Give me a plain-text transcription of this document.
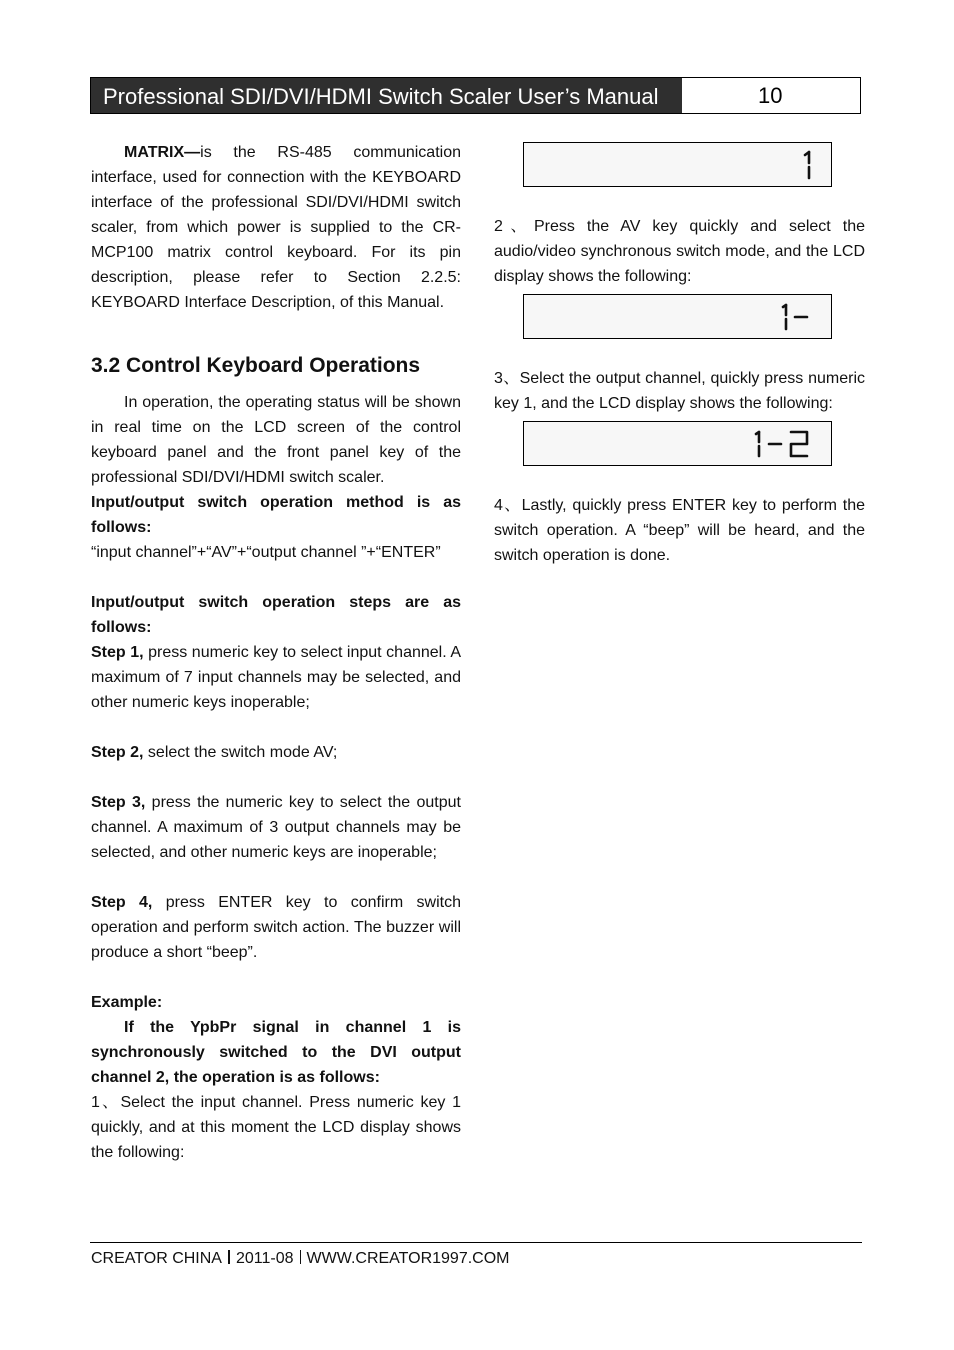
Professional SDI/DVI/HDMI Switch Scaler User’s Manual	10

MATRIX—is the RS-485 communication interface, used for connection with the KEYBOARD interface of the professional SDI/DVI/HDMI switch scaler, from which power is supplied to the CR-MCP100 matrix control keyboard. For its pin description, please refer to Section 2.2.5: KEYBOARD Interface Description, of this Manual.

3.2 Control Keyboard Operations

In operation, the operating status will be shown in real time on the LCD screen of the control keyboard panel and the front panel key of the professional SDI/DVI/HDMI switch scaler.

Input/output switch operation method is as follows:

“input channel”+“AV”+“output channel ”+“ENTER”

Input/output switch operation steps are as follows:

Step 1, press numeric key to select input channel. A maximum of 7 input channels may be selected, and other numeric keys inoperable;

Step 2, select the switch mode AV;

Step 3, press the numeric key to select the output channel. A maximum of 3 output channels may be selected, and other numeric keys are inoperable;

Step 4, press ENTER key to confirm switch operation and perform switch action. The buzzer will produce a short “beep”.

Example:

If the YpbPr signal in channel 1 is synchronously switched to the DVI output channel 2, the operation is as follows:

1、Select the input channel. Press numeric key 1 quickly, and at this moment the LCD display shows the following:

2、Press the AV key quickly and select the audio/video synchronous switch mode, and the LCD display shows the following:

3、Select the output channel, quickly press numeric key 1, and the LCD display shows the following:

4、Lastly, quickly press ENTER key to perform the switch operation. A “beep” will be heard, and the switch operation is done.

CREATOR CHINA 2011-08 WWW.CREATOR1997.COM
